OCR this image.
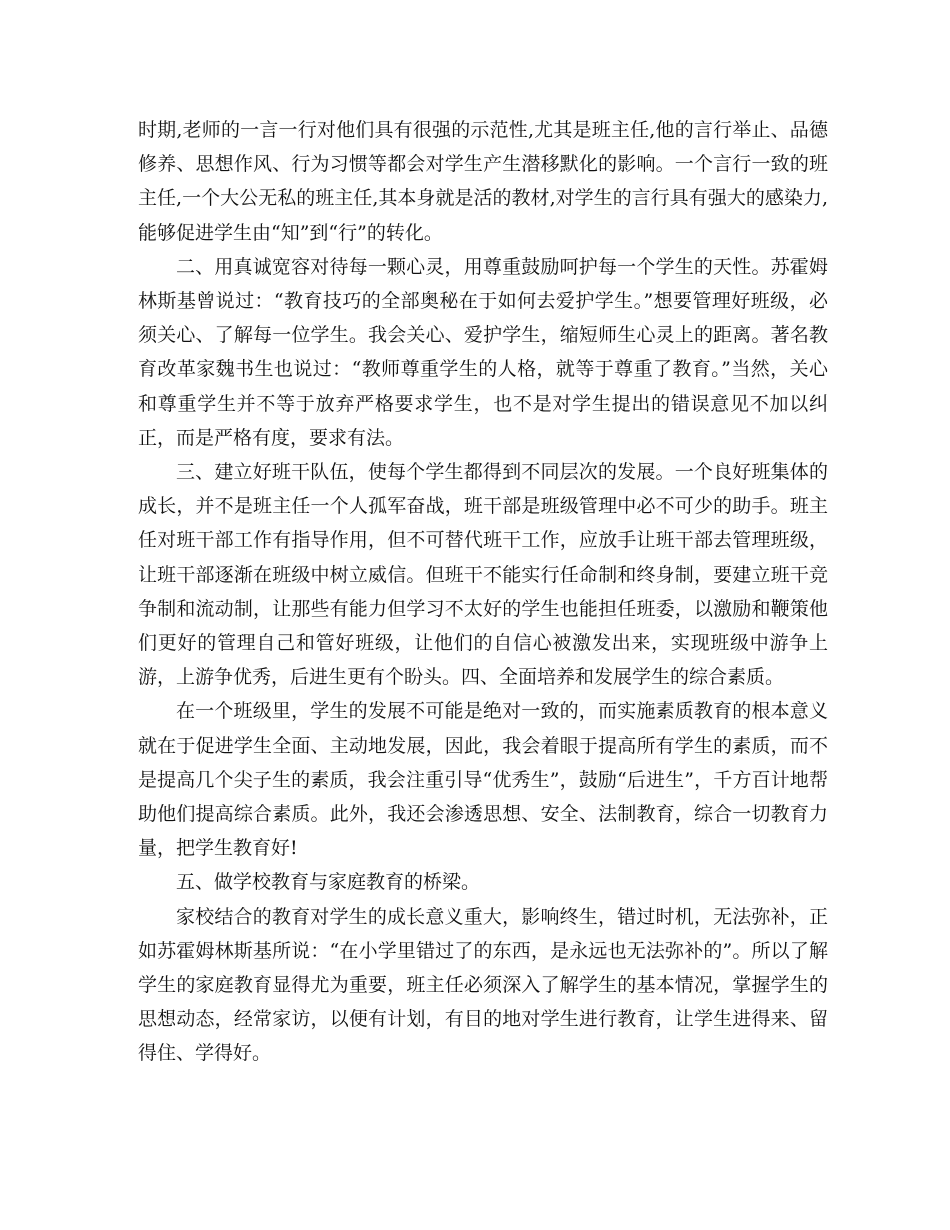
时期,老师的一言一行对他们具有很强的示范性,尤其是班主任,他的言行举止、品德修养、思想作风、行为习惯等都会对学生产生潜移默化的影响。一个言行一致的班主任,一个大公无私的班主任,其本身就是活的教材,对学生的言行具有强大的感染力,能够促进学生由“知”到“行”的转化。

二、用真诚宽容对待每一颗心灵，用尊重鼓励呵护每一个学生的天性。苏霍姆林斯基曾说过：“教育技巧的全部奥秘在于如何去爱护学生。”想要管理好班级，必须关心、了解每一位学生。我会关心、爱护学生，缩短师生心灵上的距离。著名教育改革家魏书生也说过：“教师尊重学生的人格，就等于尊重了教育。”当然，关心和尊重学生并不等于放弃严格要求学生，也不是对学生提出的错误意见不加以纠正，而是严格有度，要求有法。

三、建立好班干队伍，使每个学生都得到不同层次的发展。一个良好班集体的成长，并不是班主任一个人孤军奋战，班干部是班级管理中必不可少的助手。班主任对班干部工作有指导作用，但不可替代班干工作，应放手让班干部去管理班级，让班干部逐渐在班级中树立威信。但班干不能实行任命制和终身制，要建立班干竞争制和流动制，让那些有能力但学习不太好的学生也能担任班委，以激励和鞭策他们更好的管理自己和管好班级，让他们的自信心被激发出来，实现班级中游争上游，上游争优秀，后进生更有个盼头。四、全面培养和发展学生的综合素质。

在一个班级里，学生的发展不可能是绝对一致的，而实施素质教育的根本意义就在于促进学生全面、主动地发展，因此，我会着眼于提高所有学生的素质，而不是提高几个尖子生的素质，我会注重引导“优秀生”，鼓励“后进生”，千方百计地帮助他们提高综合素质。此外，我还会渗透思想、安全、法制教育，综合一切教育力量，把学生教育好!

五、做学校教育与家庭教育的桥梁。

家校结合的教育对学生的成长意义重大，影响终生，错过时机，无法弥补，正如苏霍姆林斯基所说：“在小学里错过了的东西，是永远也无法弥补的”。所以了解学生的家庭教育显得尤为重要，班主任必须深入了解学生的基本情况，掌握学生的思想动态，经常家访，以便有计划，有目的地对学生进行教育，让学生进得来、留得住、学得好。
